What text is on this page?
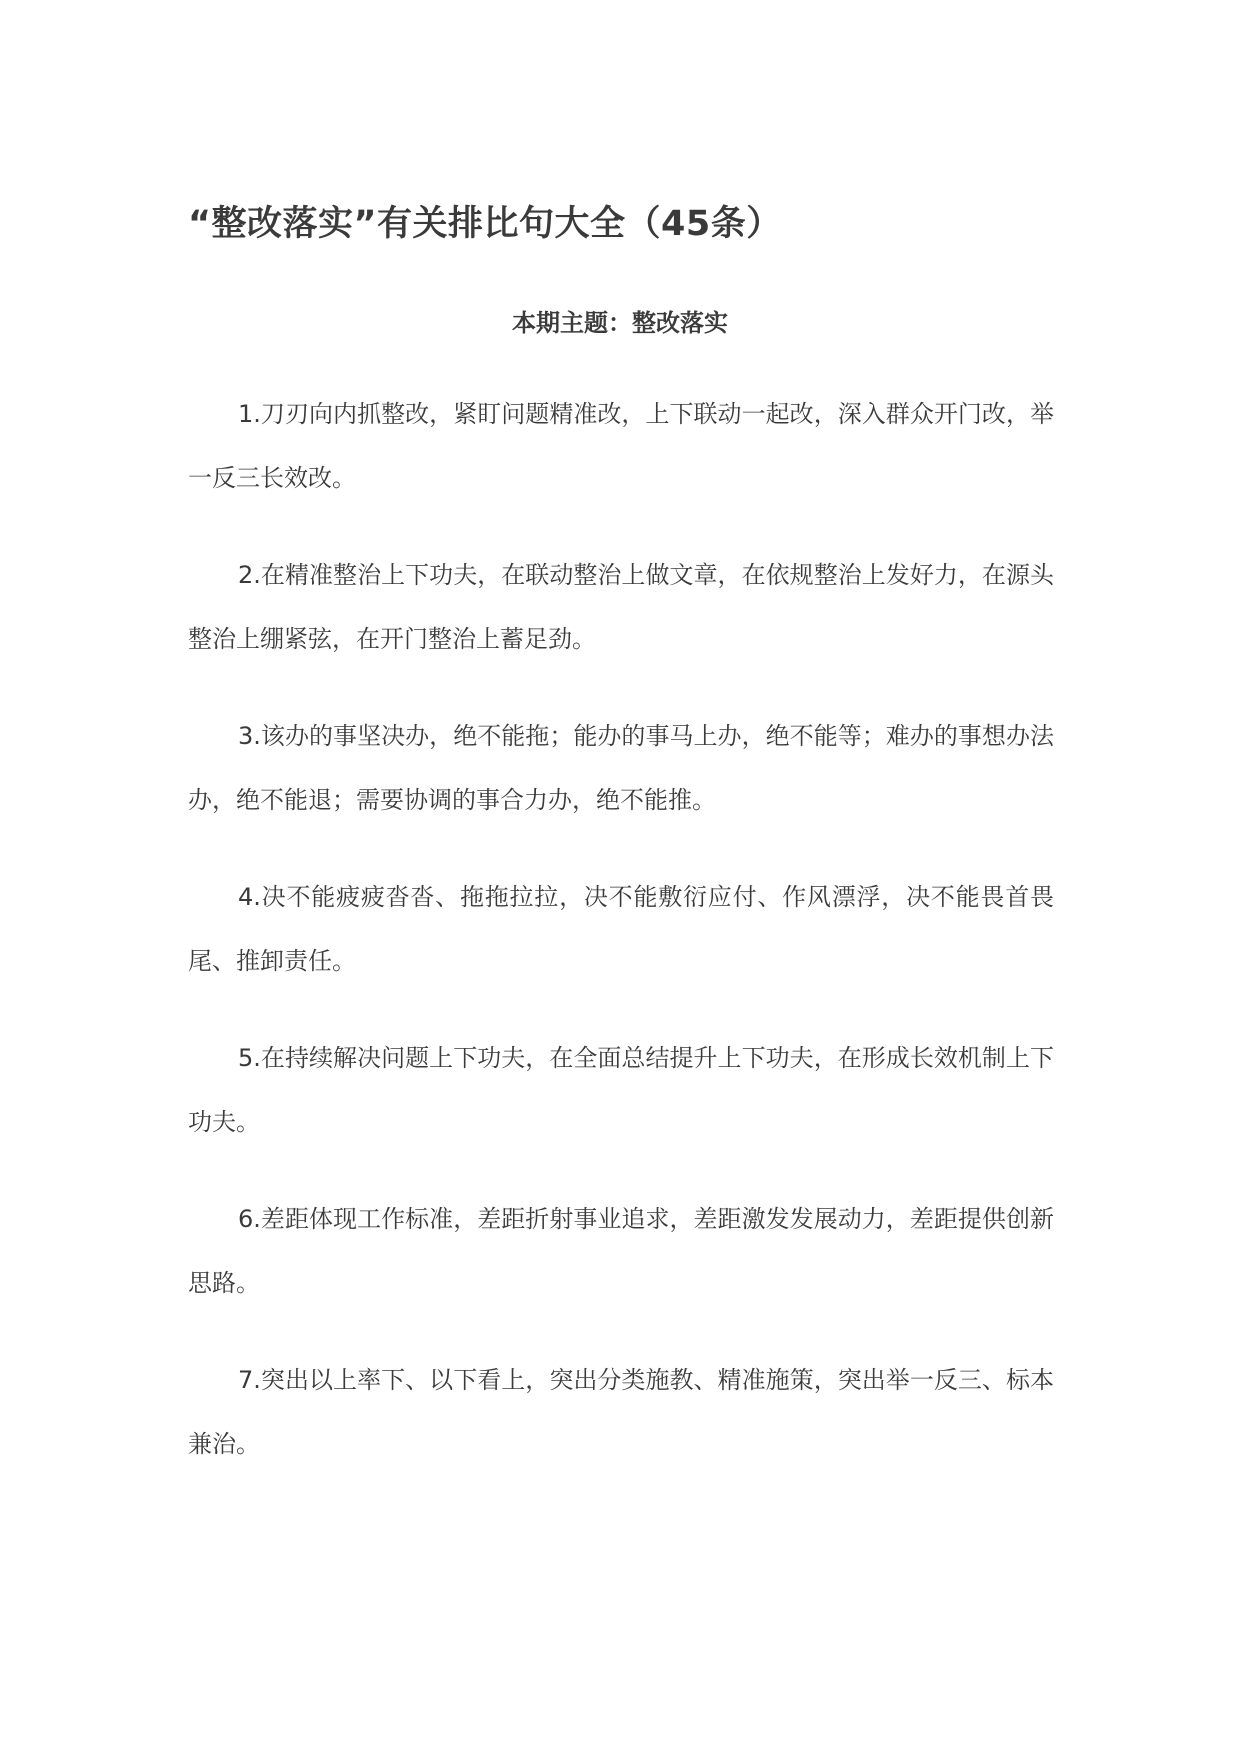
“整改落实”有关排比句大全（45条）
本期主题：整改落实

1.刀刃向内抓整改，紧盯问题精准改，上下联动一起改，深入群众开门改，举一反三长效改。

2.在精准整治上下功夫，在联动整治上做文章，在依规整治上发好力，在源头整治上绷紧弦，在开门整治上蓄足劲。

3.该办的事坚决办，绝不能拖；能办的事马上办，绝不能等；难办的事想办法办，绝不能退；需要协调的事合力办，绝不能推。

4.决不能疲疲沓沓、拖拖拉拉，决不能敷衍应付、作风漂浮，决不能畏首畏尾、推卸责任。

5.在持续解决问题上下功夫，在全面总结提升上下功夫，在形成长效机制上下功夫。

6.差距体现工作标准，差距折射事业追求，差距激发发展动力，差距提供创新思路。

7.突出以上率下、以下看上，突出分类施教、精准施策，突出举一反三、标本兼治。
